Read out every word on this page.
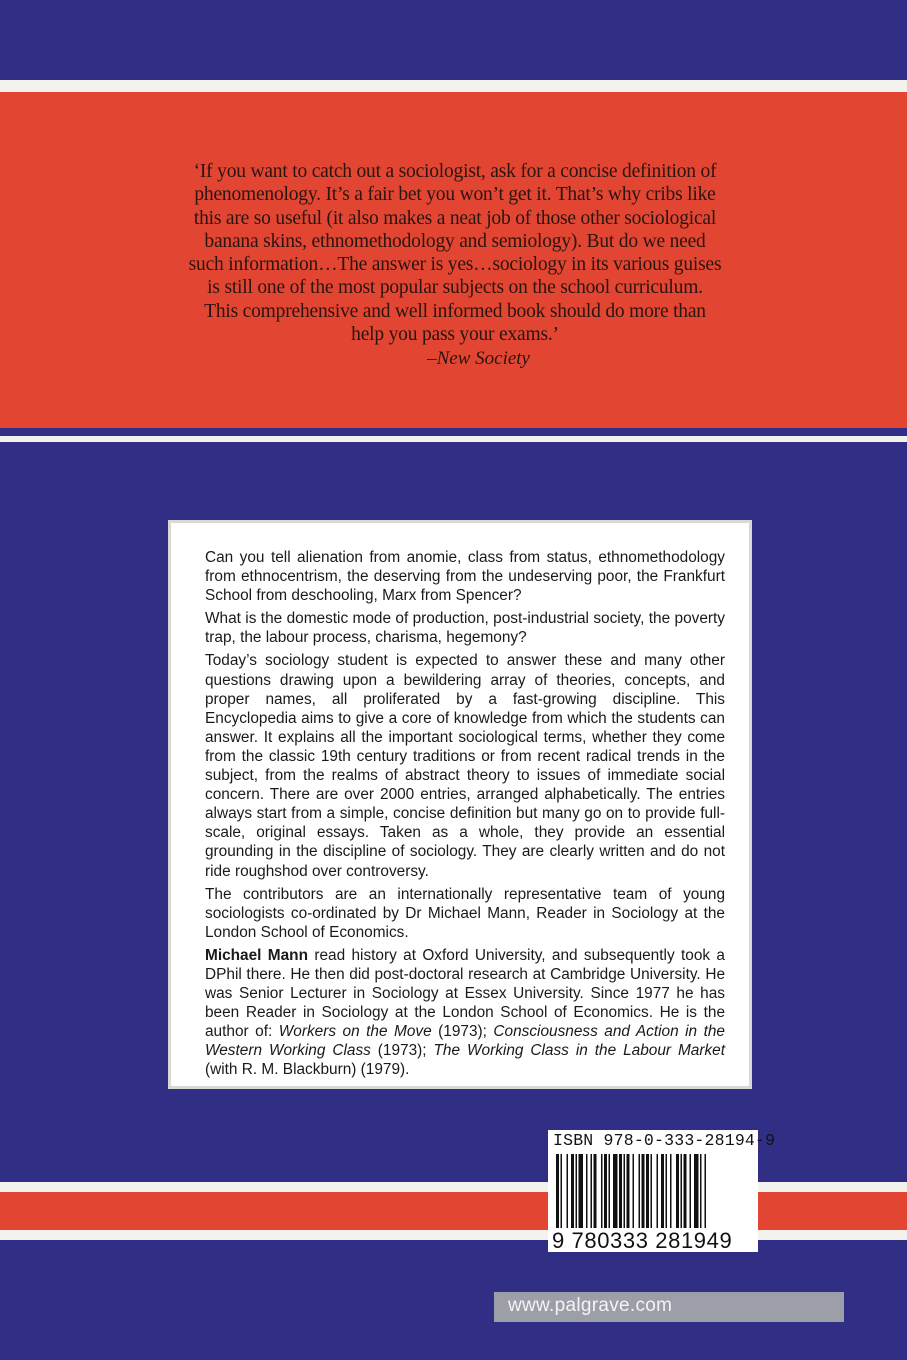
‘If you want to catch out a sociologist, ask for a concise definition of
phenomenology. It’s a fair bet you won’t get it. That’s why cribs like
this are so useful (it also makes a neat job of those other sociological
banana skins, ethnomethodology and semiology). But do we need
such information…The answer is yes…sociology in its various guises
is still one of the most popular subjects on the school curriculum.
This comprehensive and well informed book should do more than
help you pass your exams.’
–New Society

Can you tell alienation from anomie, class from status, ethnomethodology from ethnocentrism, the deserving from the undeserving poor, the Frankfurt School from deschooling, Marx from Spencer?

What is the domestic mode of production, post-industrial society, the poverty trap, the labour process, charisma, hegemony?

Today’s sociology student is expected to answer these and many other questions drawing upon a bewildering array of theories, concepts, and proper names, all proliferated by a fast-growing discipline. This Encyclopedia aims to give a core of knowledge from which the students can answer. It explains all the important sociological terms, whether they come from the classic 19th century traditions or from recent radical trends in the subject, from the realms of abstract theory to issues of immediate social concern. There are over 2000 entries, arranged alphabetically. The entries always start from a simple, concise definition but many go on to provide full-scale, original essays. Taken as a whole, they provide an essential grounding in the discipline of sociology. They are clearly written and do not ride roughshod over controversy.

The contributors are an internationally representative team of young sociologists co-ordinated by Dr Michael Mann, Reader in Sociology at the London School of Economics.

Michael Mann read history at Oxford University, and subsequently took a DPhil there. He then did post-doctoral research at Cambridge University. He was Senior Lecturer in Sociology at Essex University. Since 1977 he has been Reader in Sociology at the London School of Economics. He is the author of: Workers on the Move (1973); Consciousness and Action in the Western Working Class (1973); The Working Class in the Labour Market (with R. M. Blackburn) (1979).

ISBN 978-0-333-28194-9
9 780333 281949
www.palgrave.com
